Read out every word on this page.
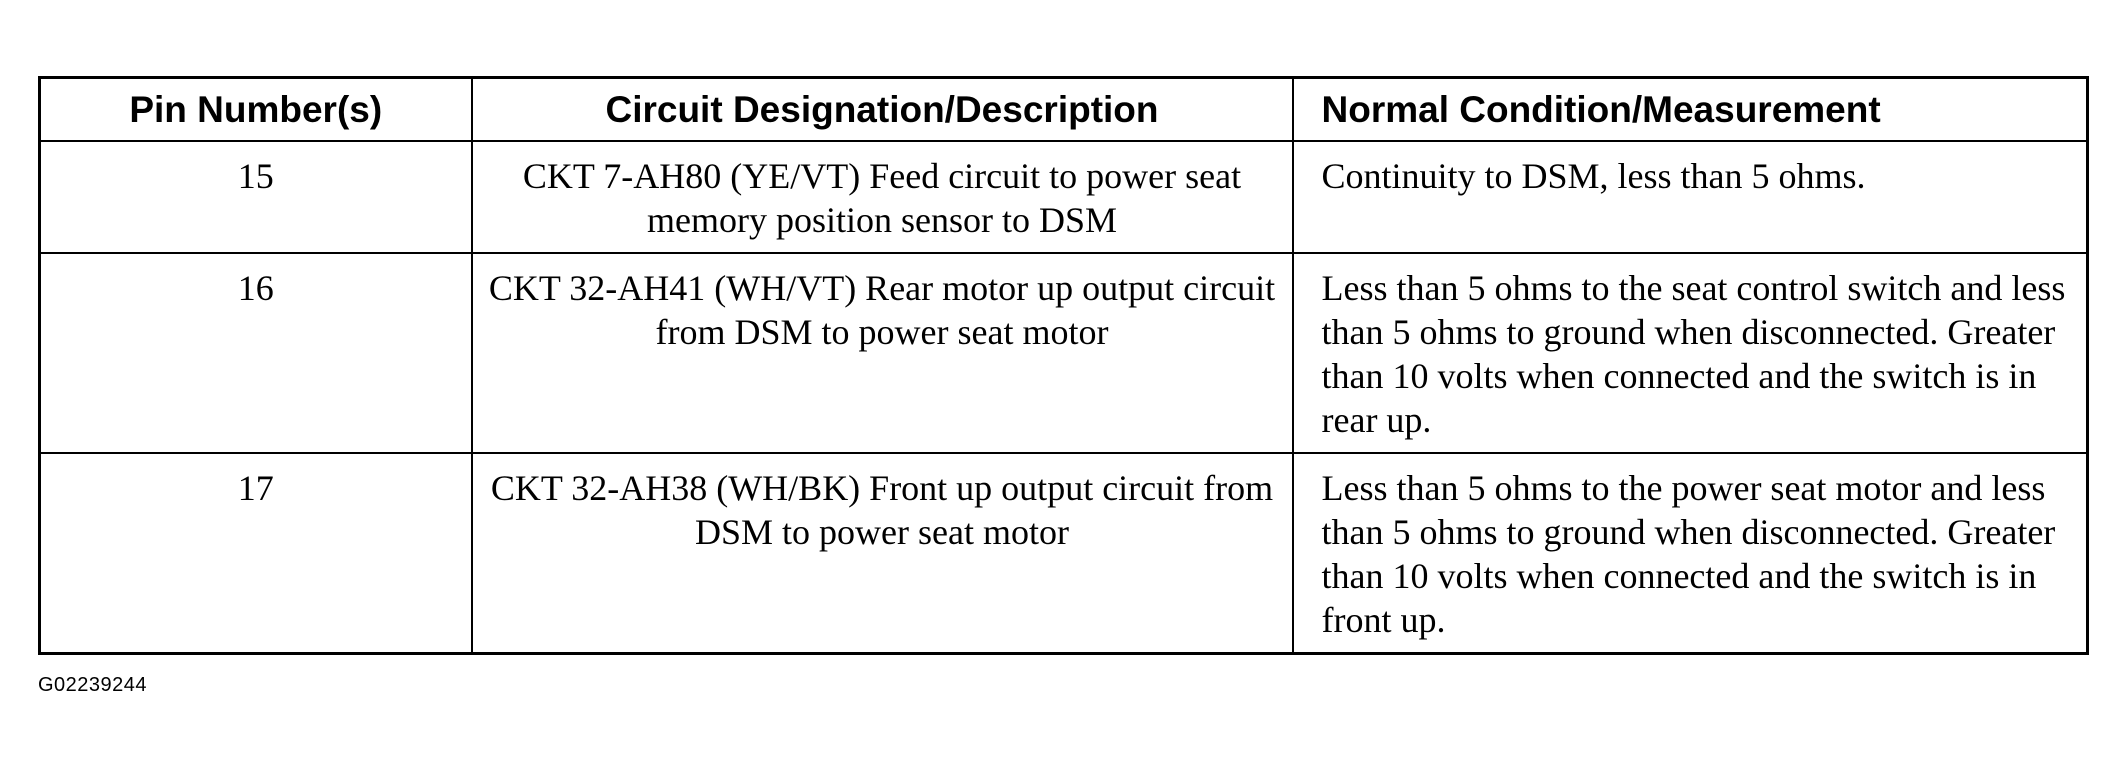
Pin Number(s)	Circuit Designation/Description	Normal Condition/Measurement
15	CKT 7-AH80 (YE/VT) Feed circuit to power seat memory position sensor to DSM	Continuity to DSM, less than 5 ohms.
16	CKT 32-AH41 (WH/VT) Rear motor up output circuit from DSM to power seat motor	Less than 5 ohms to the seat control switch and less than 5 ohms to ground when disconnected. Greater than 10 volts when connected and the switch is in rear up.
17	CKT 32-AH38 (WH/BK) Front up output circuit from DSM to power seat motor	Less than 5 ohms to the power seat motor and less than 5 ohms to ground when disconnected. Greater than 10 volts when connected and the switch is in front up.
G02239244
